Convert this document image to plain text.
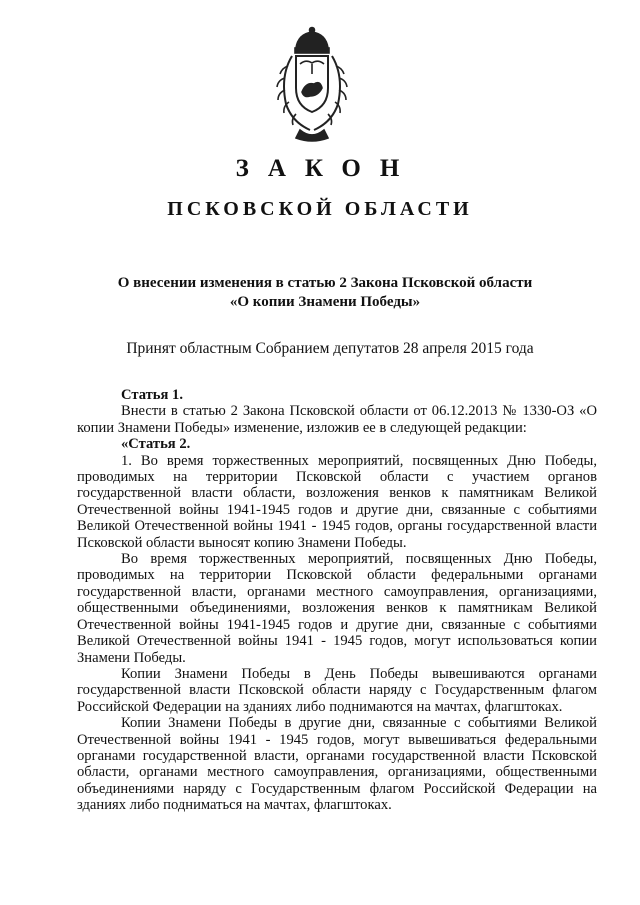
ЗАКОН
ПСКОВСКОЙ ОБЛАСТИ
О внесении изменения в статью 2 Закона Псковской области
«О копии Знамени Победы»
Принят областным Собранием депутатов 28 апреля 2015 года

Статья 1.

Внести в статью 2 Закона Псковской области от 06.12.2013 № 1330-ОЗ «О копии Знамени Победы» изменение, изложив ее в следующей редакции:

«Статья 2.

1. Во время торжественных мероприятий, посвященных Дню Победы, проводимых на территории Псковской области с участием органов государственной власти области, возложения венков к памятникам Великой Отечественной войны 1941-1945 годов и другие дни, связанные с событиями Великой Отечественной войны 1941 - 1945 годов, органы государственной власти Псковской области выносят копию Знамени Победы.

Во время торжественных мероприятий, посвященных Дню Победы, проводимых на территории Псковской области федеральными органами государственной власти, органами местного самоуправления, организациями, общественными объединениями, возложения венков к памятникам Великой Отечественной войны 1941-1945 годов и другие дни, связанные с событиями Великой Отечественной войны 1941 - 1945 годов, могут использоваться копии Знамени Победы.

Копии Знамени Победы в День Победы вывешиваются органами государственной власти Псковской области наряду с Государственным флагом Российской Федерации на зданиях либо поднимаются на мачтах, флагштоках.

Копии Знамени Победы в другие дни, связанные с событиями Великой Отечественной войны 1941 - 1945 годов, могут вывешиваться федеральными органами государственной власти, органами государственной власти Псковской области, органами местного самоуправления, организациями, общественными объединениями наряду с Государственным флагом Российской Федерации на зданиях либо подниматься на мачтах, флагштоках.
